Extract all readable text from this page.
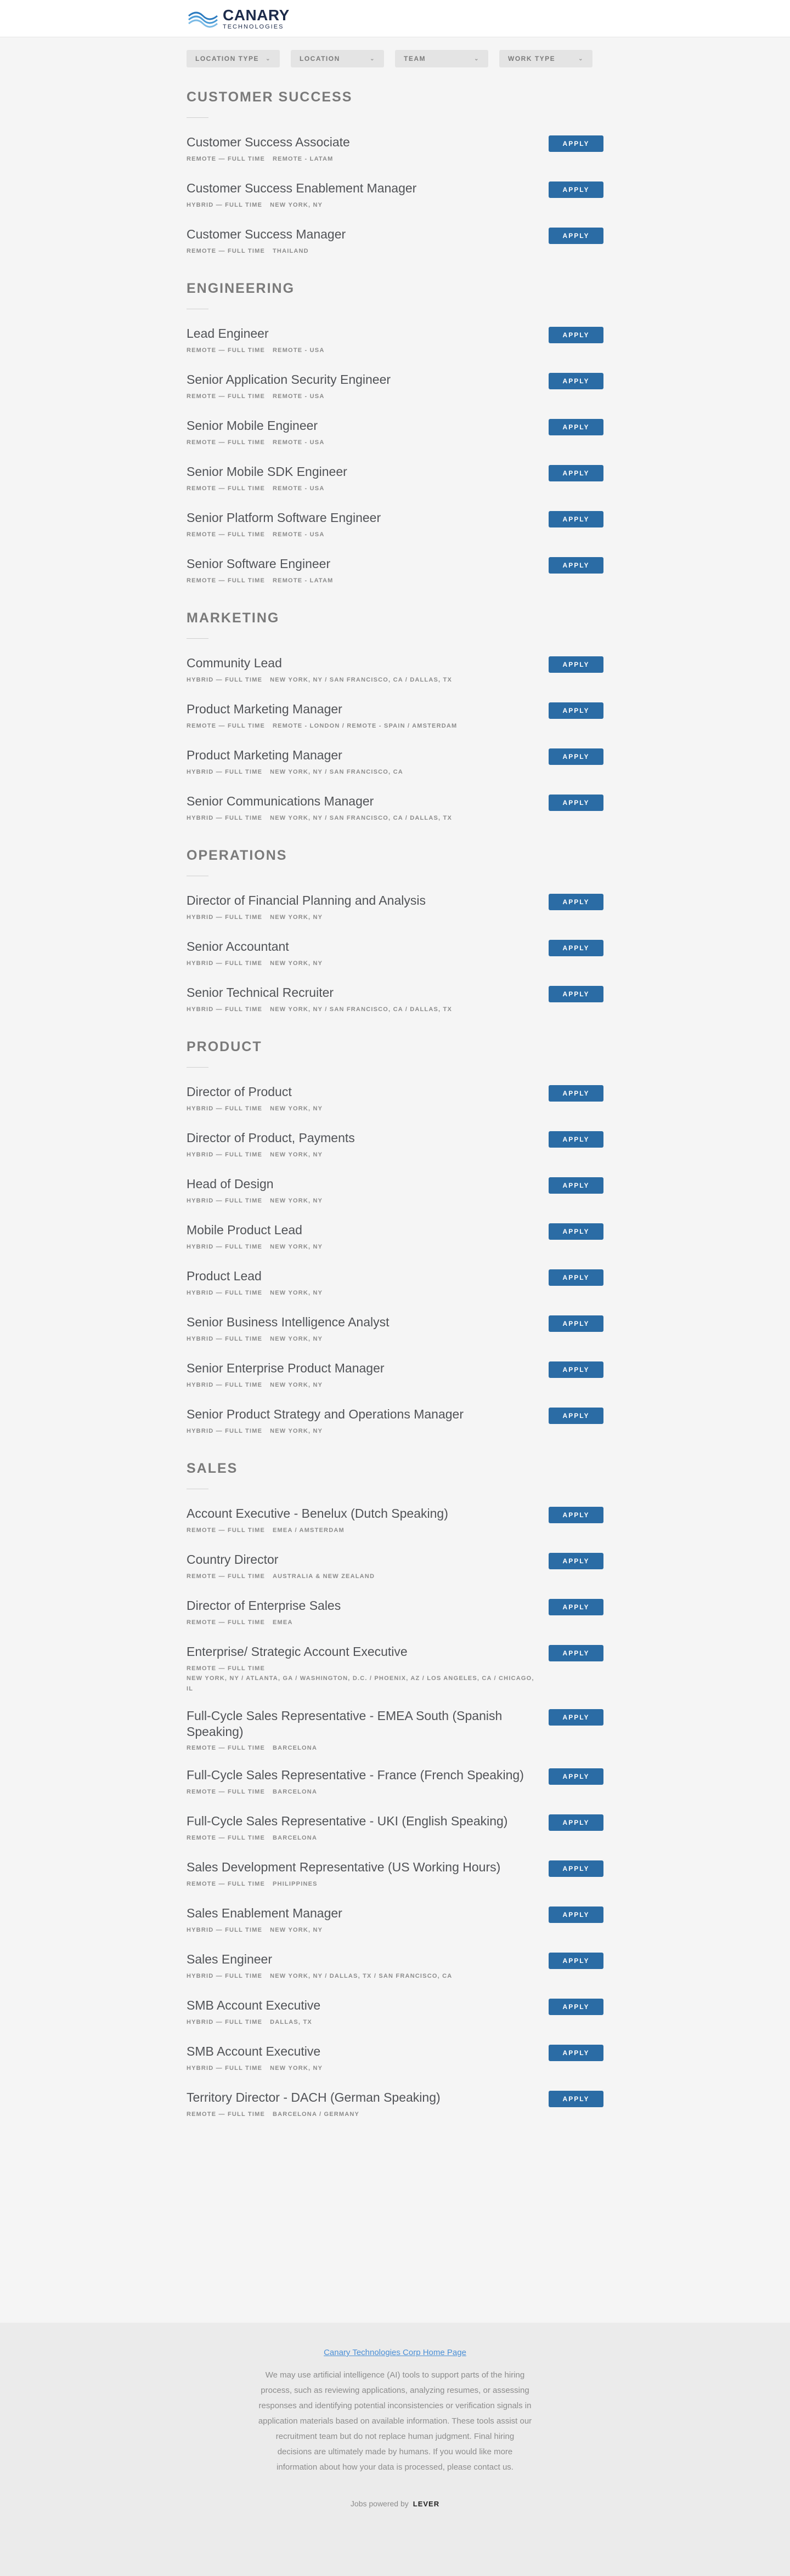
CANARY
TECHNOLOGIES
LOCATION TYPE ⌄	LOCATION	⌄	TEAM	⌄	WORK TYPE	⌄
CUSTOMER SUCCESS
Customer Success Associate
REMOTE — FULL TIME REMOTE - LATAM
APPLY
Customer Success Enablement Manager
HYBRID — FULL TIME NEW YORK, NY
APPLY
Customer Success Manager
REMOTE — FULL TIME THAILAND
APPLY
ENGINEERING
Lead Engineer
REMOTE — FULL TIME REMOTE - USA
APPLY
Senior Application Security Engineer
REMOTE — FULL TIME REMOTE - USA
APPLY
Senior Mobile Engineer
REMOTE — FULL TIME REMOTE - USA
APPLY
Senior Mobile SDK Engineer
REMOTE — FULL TIME REMOTE - USA
APPLY
Senior Platform Software Engineer
REMOTE — FULL TIME REMOTE - USA
APPLY
Senior Software Engineer
REMOTE — FULL TIME REMOTE - LATAM
APPLY
MARKETING
Community Lead
HYBRID — FULL TIME NEW YORK, NY / SAN FRANCISCO, CA / DALLAS, TX
APPLY
Product Marketing Manager
REMOTE — FULL TIME REMOTE - LONDON / REMOTE - SPAIN / AMSTERDAM
APPLY
Product Marketing Manager
HYBRID — FULL TIME NEW YORK, NY / SAN FRANCISCO, CA
APPLY
Senior Communications Manager
HYBRID — FULL TIME NEW YORK, NY / SAN FRANCISCO, CA / DALLAS, TX
APPLY
OPERATIONS
Director of Financial Planning and Analysis
HYBRID — FULL TIME NEW YORK, NY
APPLY
Senior Accountant
HYBRID — FULL TIME NEW YORK, NY
APPLY
Senior Technical Recruiter
HYBRID — FULL TIME NEW YORK, NY / SAN FRANCISCO, CA / DALLAS, TX
APPLY
PRODUCT
Director of Product
HYBRID — FULL TIME NEW YORK, NY
APPLY
Director of Product, Payments
HYBRID — FULL TIME NEW YORK, NY
APPLY
Head of Design
HYBRID — FULL TIME NEW YORK, NY
APPLY
Mobile Product Lead
HYBRID — FULL TIME NEW YORK, NY
APPLY
Product Lead
HYBRID — FULL TIME NEW YORK, NY
APPLY
Senior Business Intelligence Analyst
HYBRID — FULL TIME NEW YORK, NY
APPLY
Senior Enterprise Product Manager
HYBRID — FULL TIME NEW YORK, NY
APPLY
Senior Product Strategy and Operations Manager
HYBRID — FULL TIME NEW YORK, NY
APPLY
SALES
Account Executive - Benelux (Dutch Speaking)
REMOTE — FULL TIME EMEA / AMSTERDAM
APPLY
Country Director
REMOTE — FULL TIME AUSTRALIA & NEW ZEALAND
APPLY
Director of Enterprise Sales
REMOTE — FULL TIME EMEA
APPLY
Enterprise/ Strategic Account Executive
REMOTE — FULL TIME
NEW YORK, NY / ATLANTA, GA / WASHINGTON, D.C. / PHOENIX, AZ / LOS ANGELES, CA / CHICAGO, IL
APPLY
Full-Cycle Sales Representative - EMEA South (Spanish Speaking)
REMOTE — FULL TIME BARCELONA
APPLY
Full-Cycle Sales Representative - France (French Speaking)
REMOTE — FULL TIME BARCELONA
APPLY
Full-Cycle Sales Representative - UKI (English Speaking)
REMOTE — FULL TIME BARCELONA
APPLY
Sales Development Representative (US Working Hours)
REMOTE — FULL TIME PHILIPPINES
APPLY
Sales Enablement Manager
HYBRID — FULL TIME NEW YORK, NY
APPLY
Sales Engineer
HYBRID — FULL TIME NEW YORK, NY / DALLAS, TX / SAN FRANCISCO, CA
APPLY
SMB Account Executive
HYBRID — FULL TIME DALLAS, TX
APPLY
SMB Account Executive
HYBRID — FULL TIME NEW YORK, NY
APPLY
Territory Director - DACH (German Speaking)
REMOTE — FULL TIME BARCELONA / GERMANY
APPLY
Canary Technologies Corp Home Page

We may use artificial intelligence (AI) tools to support parts of the hiring process, such as reviewing applications, analyzing resumes, or assessing responses and identifying potential inconsistencies or verification signals in application materials based on available information. These tools assist our recruitment team but do not replace human judgment. Final hiring decisions are ultimately made by humans. If you would like more information about how your data is processed, please contact us.

Jobs powered by LEVER
